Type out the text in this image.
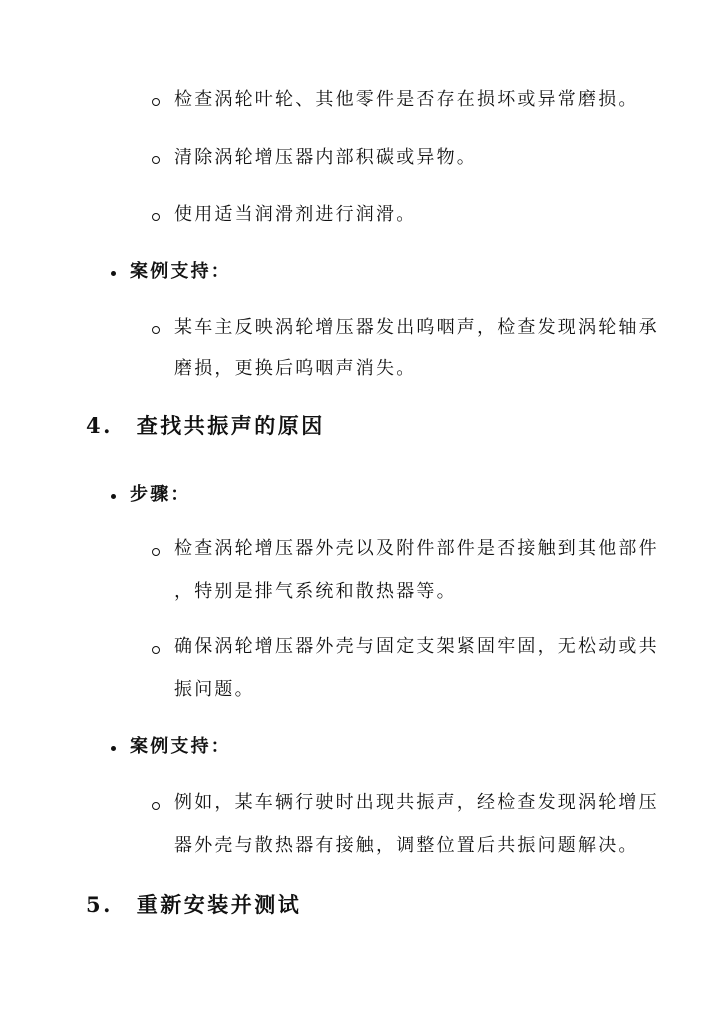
检查涡轮叶轮、其他零件是否存在损坏或异常磨损。
清除涡轮增压器内部积碳或异物。
使用适当润滑剂进行润滑。
案例支持：
某车主反映涡轮增压器发出呜咽声，检查发现涡轮轴承
磨损，更换后呜咽声消失。
4. 查找共振声的原因
步骤：
检查涡轮增压器外壳以及附件部件是否接触到其他部件
，特别是排气系统和散热器等。
确保涡轮增压器外壳与固定支架紧固牢固，无松动或共
振问题。
案例支持：
例如，某车辆行驶时出现共振声，经检查发现涡轮增压
器外壳与散热器有接触，调整位置后共振问题解决。
5. 重新安装并测试
